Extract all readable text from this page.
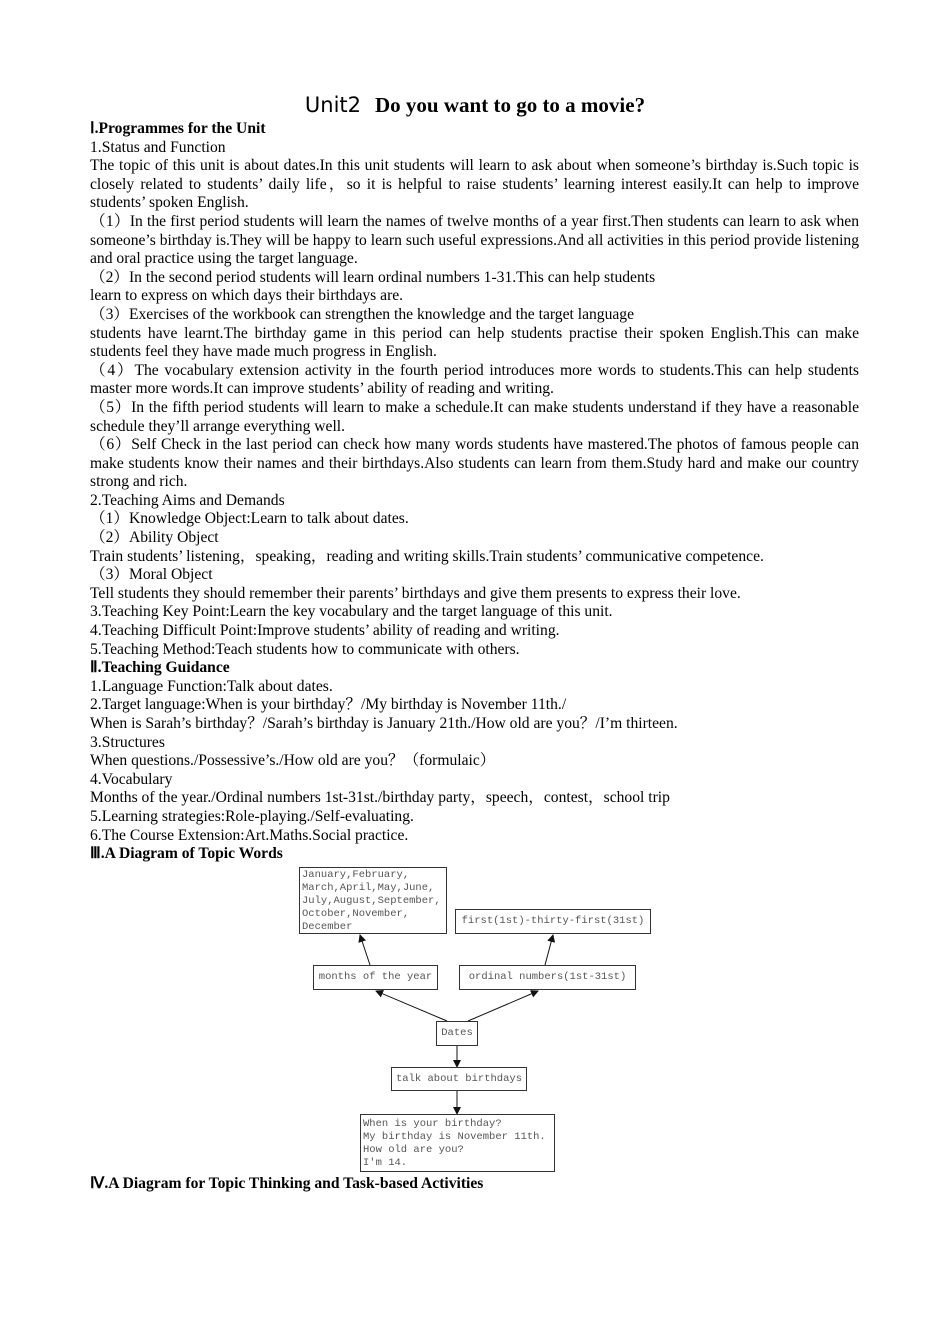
Unit2 Do you want to go to a movie?

Ⅰ.Programmes for the Unit

1.Status and Function

The topic of this unit is about dates.In this unit students will learn to ask about when someone’s birthday is.Such topic is closely related to students’ daily life，so it is helpful to raise students’ learning interest easily.It can help to improve students’ spoken English.

（1）In the first period students will learn the names of twelve months of a year first.Then students can learn to ask when someone’s birthday is.They will be happy to learn such useful expressions.And all activities in this period provide listening and oral practice using the target language.

（2）In the second period students will learn ordinal numbers 1-31.This can help students

learn to express on which days their birthdays are.

（3）Exercises of the workbook can strengthen the knowledge and the target language

students have learnt.The birthday game in this period can help students practise their spoken English.This can make students feel they have made much progress in English.

（4）The vocabulary extension activity in the fourth period introduces more words to students.This can help students master more words.It can improve students’ ability of reading and writing.

（5）In the fifth period students will learn to make a schedule.It can make students understand if they have a reasonable schedule they’ll arrange everything well.

（6）Self Check in the last period can check how many words students have mastered.The photos of famous people can make students know their names and their birthdays.Also students can learn from them.Study hard and make our country strong and rich.

2.Teaching Aims and Demands

（1）Knowledge Object:Learn to talk about dates.

（2）Ability Object

Train students’ listening，speaking，reading and writing skills.Train students’ communicative competence.

（3）Moral Object

Tell students they should remember their parents’ birthdays and give them presents to express their love.

3.Teaching Key Point:Learn the key vocabulary and the target language of this unit.

4.Teaching Difficult Point:Improve students’ ability of reading and writing.

5.Teaching Method:Teach students how to communicate with others.

Ⅱ.Teaching Guidance

1.Language Function:Talk about dates.

2.Target language:When is your birthday？/My birthday is November 11th./

When is Sarah’s birthday？/Sarah’s birthday is January 21th./How old are you？/I’m thirteen.

3.Structures

When questions./Possessive’s./How old are you？（formulaic）

4.Vocabulary

Months of the year./Ordinal numbers 1st-31st./birthday party，speech，contest，school trip

5.Learning strategies:Role-playing./Self-evaluating.

6.The Course Extension:Art.Maths.Social practice.

Ⅲ.A Diagram of Topic Words

January,February,
March,April,May,June,
July,August,September,
October,November,
December	first(1st)-thirty-first(31st)
months of the year	ordinal numbers(1st-31st)
Dates
talk about birthdays
When is your birthday?
My birthday is November 11th.
How old are you?
I'm 14.
Ⅳ.A Diagram for Topic Thinking and Task-based Activities
